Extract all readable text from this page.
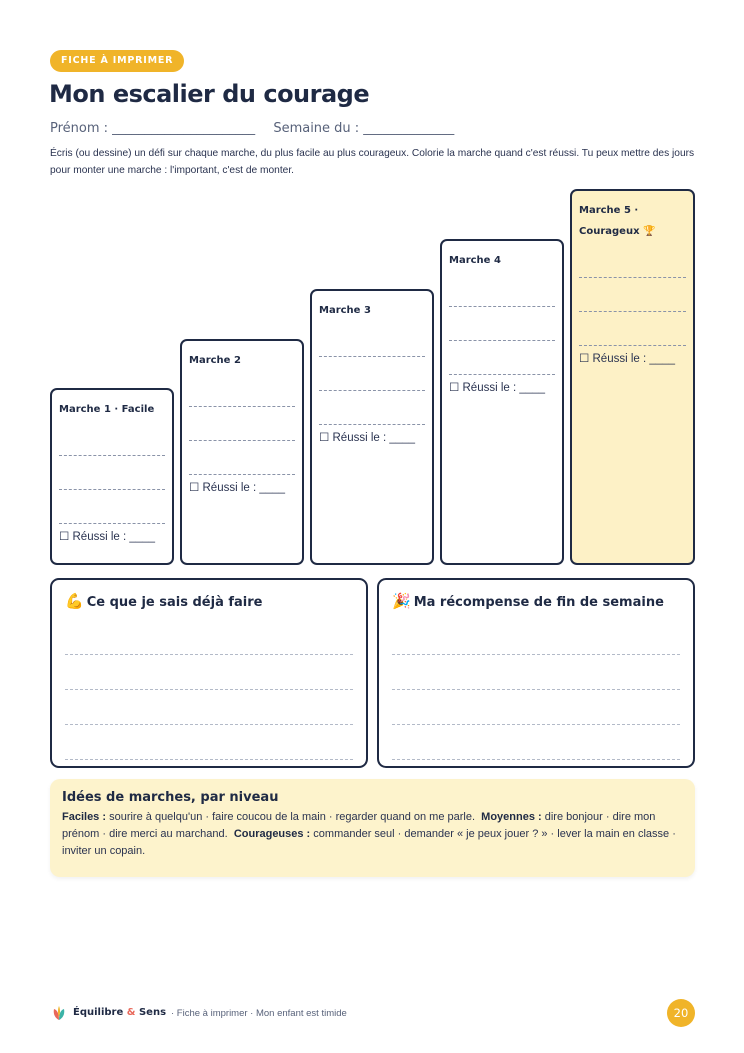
FICHE À IMPRIMER
Mon escalier du courage
Prénom : ______________________ Semaine du : ______________
Écris (ou dessine) un défi sur chaque marche, du plus facile au plus courageux. Colorie la marche quand c'est réussi. Tu peux mettre des jours pour monter une marche : l'important, c'est de monter.
Marche 1 · Facile
☐ Réussi le : ____
Marche 2
☐ Réussi le : ____
Marche 3
☐ Réussi le : ____
Marche 4
☐ Réussi le : ____
Marche 5 · Courageux 🏆
☐ Réussi le : ____
💪 Ce que je sais déjà faire	🎉 Ma récompense de fin de semaine
Idées de marches, par niveau
Faciles : sourire à quelqu'un · faire coucou de la main · regarder quand on me parle. Moyennes : dire bonjour · dire mon prénom · dire merci au marchand. Courageuses : commander seul · demander « je peux jouer ? » · lever la main en classe · inviter un copain.
Équilibre & Sens · Fiche à imprimer · Mon enfant est timide	20
